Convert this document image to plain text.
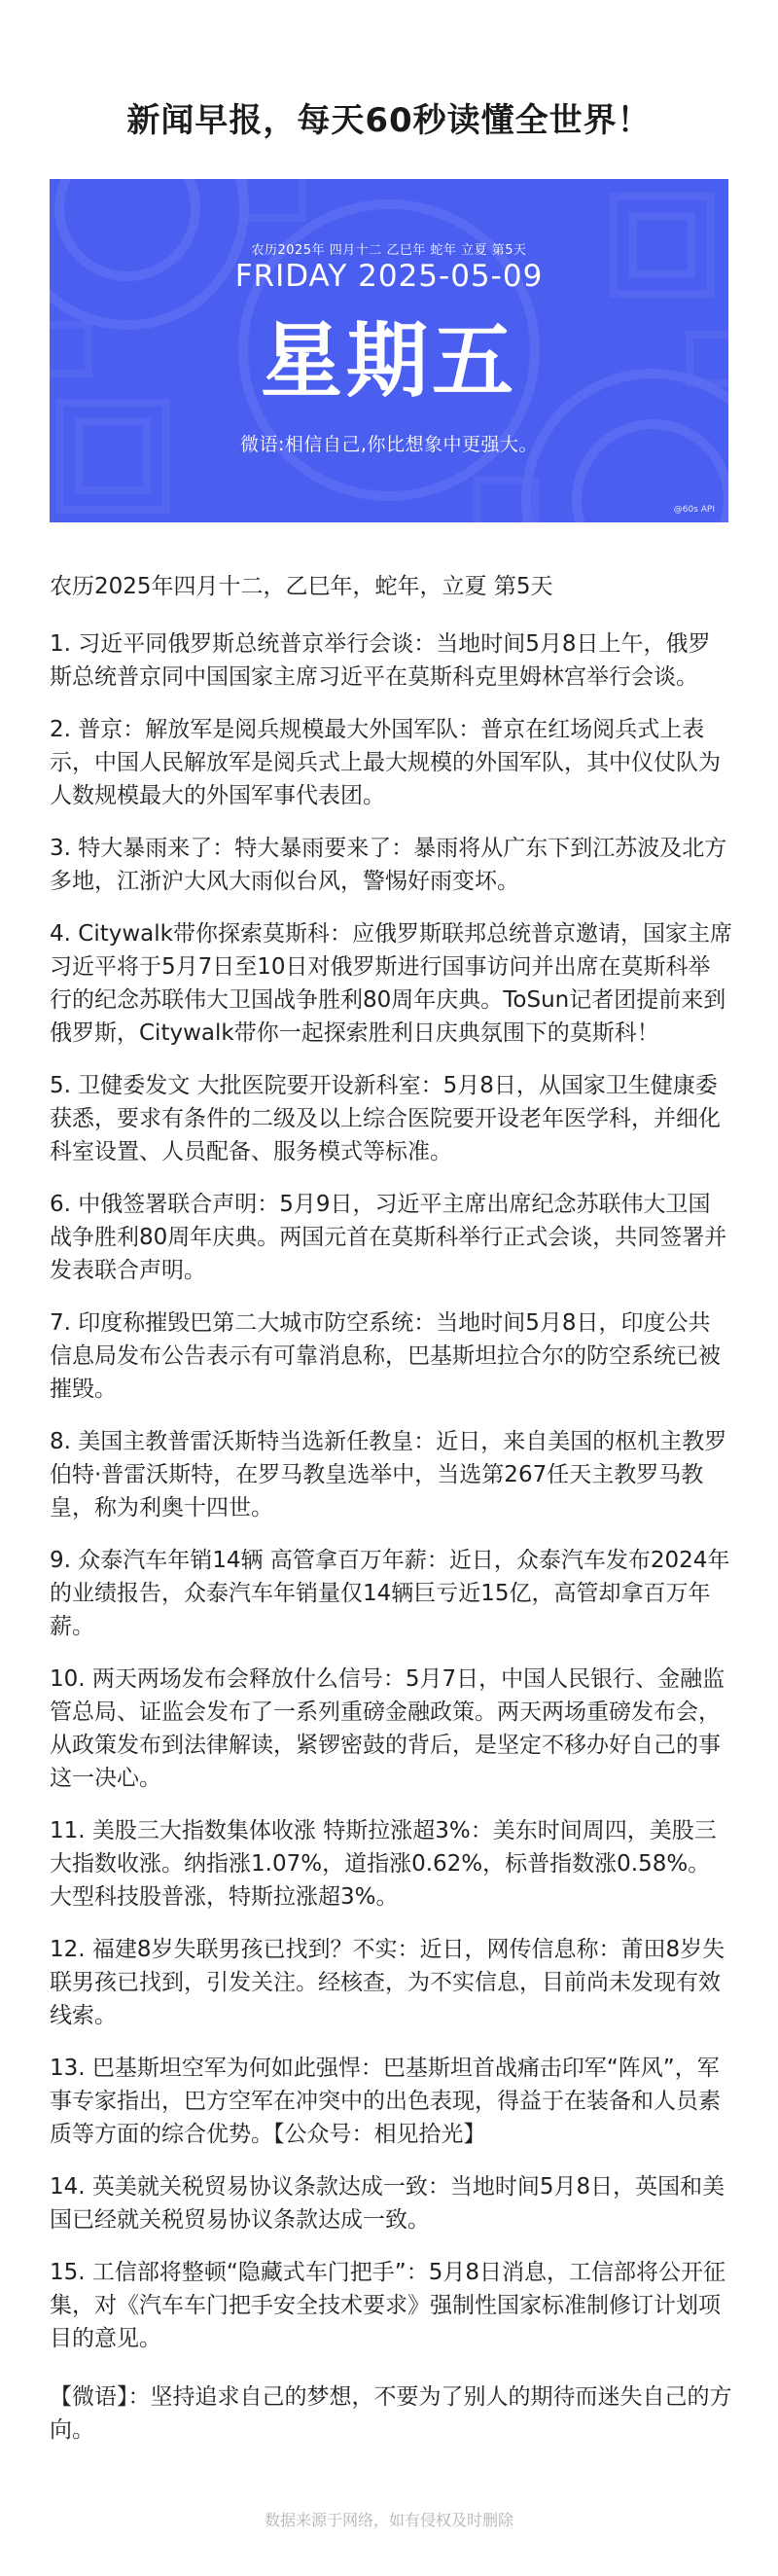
新闻早报，每天60秒读懂全世界！
农历2025年 四月十二 乙巳年 蛇年 立夏 第5天
FRIDAY 2025-05-09
星期五
微语:相信自己,你比想象中更强大。
@60s API

农历2025年四月十二，乙巳年，蛇年，立夏 第5天

1. 习近平同俄罗斯总统普京举行会谈：当地时间5月8日上午，俄罗斯总统普京同中国国家主席习近平在莫斯科克里姆林宫举行会谈。

2. 普京：解放军是阅兵规模最大外国军队：普京在红场阅兵式上表示，中国人民解放军是阅兵式上最大规模的外国军队，其中仪仗队为人数规模最大的外国军事代表团。

3. 特大暴雨来了：特大暴雨要来了：暴雨将从广东下到江苏波及北方多地，江浙沪大风大雨似台风，警惕好雨变坏。

4. Citywalk带你探索莫斯科：应俄罗斯联邦总统普京邀请，国家主席习近平将于5月7日至10日对俄罗斯进行国事访问并出席在莫斯科举行的纪念苏联伟大卫国战争胜利80周年庆典。ToSun记者团提前来到俄罗斯，Citywalk带你一起探索胜利日庆典氛围下的莫斯科！

5. 卫健委发文 大批医院要开设新科室：5月8日，从国家卫生健康委获悉，要求有条件的二级及以上综合医院要开设老年医学科，并细化科室设置、人员配备、服务模式等标准。

6. 中俄签署联合声明：5月9日，习近平主席出席纪念苏联伟大卫国战争胜利80周年庆典。两国元首在莫斯科举行正式会谈，共同签署并发表联合声明。

7. 印度称摧毁巴第二大城市防空系统：当地时间5月8日，印度公共信息局发布公告表示有可靠消息称，巴基斯坦拉合尔的防空系统已被摧毁。

8. 美国主教普雷沃斯特当选新任教皇：近日，来自美国的枢机主教罗伯特·普雷沃斯特，在罗马教皇选举中，当选第267任天主教罗马教皇，称为利奥十四世。

9. 众泰汽车年销14辆 高管拿百万年薪：近日，众泰汽车发布2024年的业绩报告，众泰汽车年销量仅14辆巨亏近15亿，高管却拿百万年薪。

10. 两天两场发布会释放什么信号：5月7日，中国人民银行、金融监管总局、证监会发布了一系列重磅金融政策。两天两场重磅发布会，从政策发布到法律解读，紧锣密鼓的背后，是坚定不移办好自己的事这一决心。

11. 美股三大指数集体收涨 特斯拉涨超3%：美东时间周四，美股三大指数收涨。纳指涨1.07%，道指涨0.62%，标普指数涨0.58%。大型科技股普涨，特斯拉涨超3%。

12. 福建8岁失联男孩已找到？不实：近日，网传信息称：莆田8岁失联男孩已找到，引发关注。经核查，为不实信息，目前尚未发现有效线索。

13. 巴基斯坦空军为何如此强悍：巴基斯坦首战痛击印军“阵风”，军事专家指出，巴方空军在冲突中的出色表现，得益于在装备和人员素质等方面的综合优势。【公众号：相见拾光】

14. 英美就关税贸易协议条款达成一致：当地时间5月8日，英国和美国已经就关税贸易协议条款达成一致。

15. 工信部将整顿“隐藏式车门把手”：5月8日消息，工信部将公开征集，对《汽车车门把手安全技术要求》强制性国家标准制修订计划项目的意见。

【微语】：坚持追求自己的梦想，不要为了别人的期待而迷失自己的方向。

数据来源于网络，如有侵权及时删除
